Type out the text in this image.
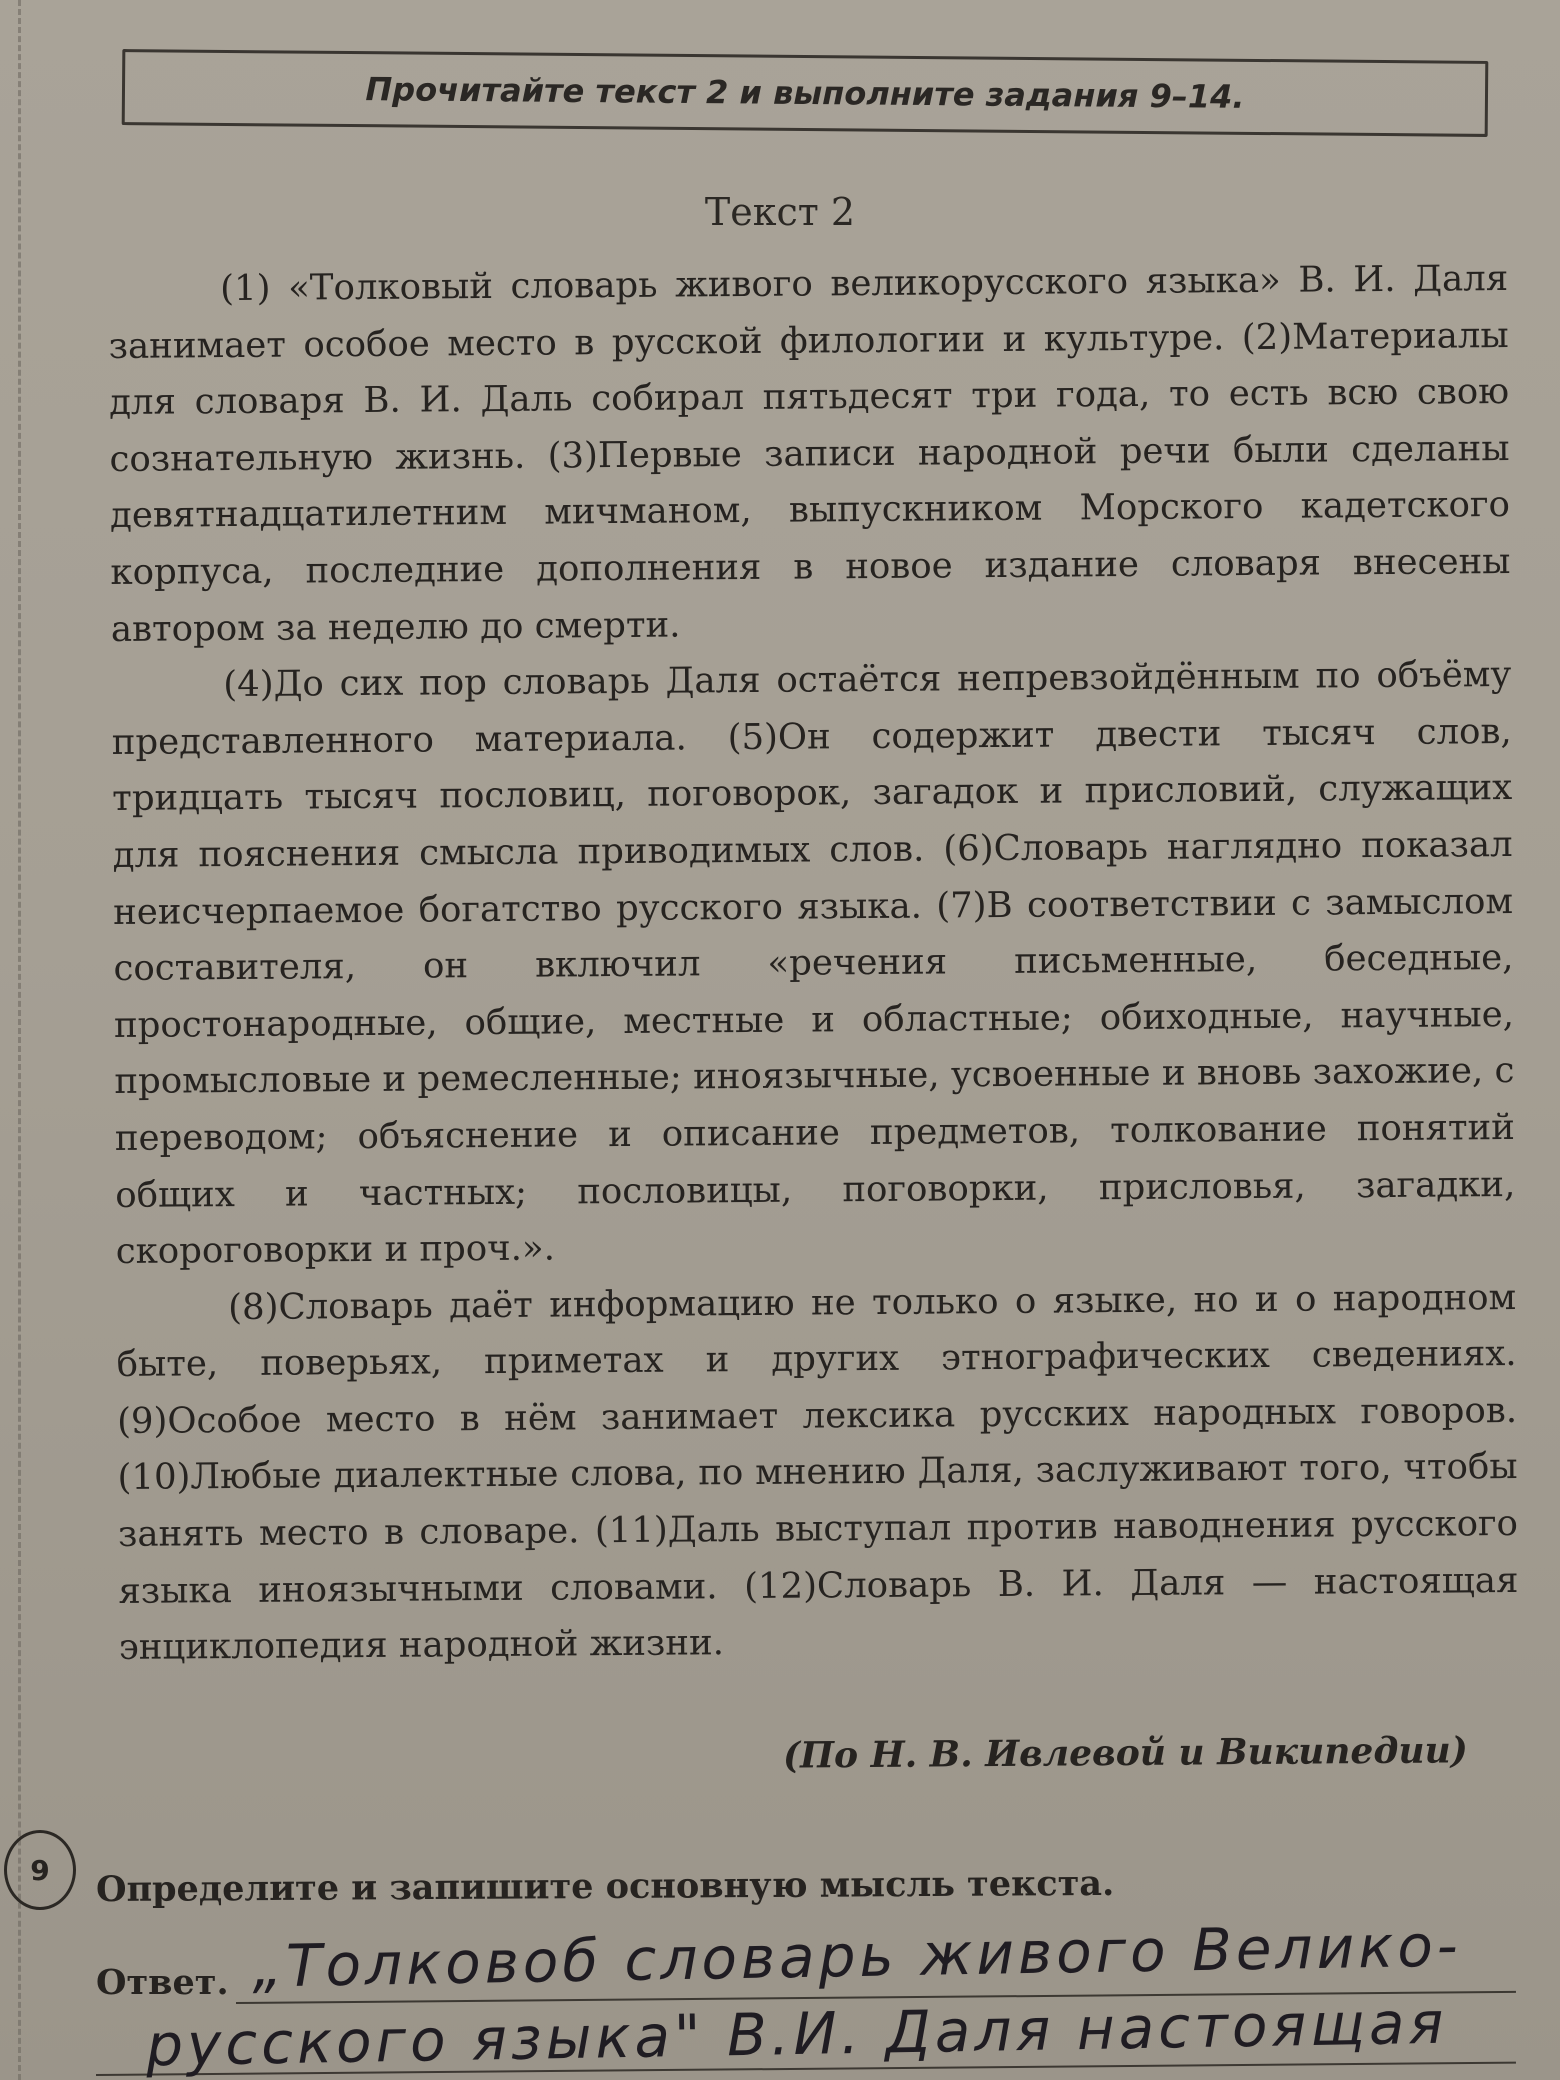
Прочитайте текст 2 и выполните задания 9–14.
Текст 2

(1) «Толковый словарь живого великорусского языка» В. И. Даля занимает особое место в русской филологии и культуре. (2)Материалы для словаря В. И. Даль собирал пятьдесят три года, то есть всю свою сознательную жизнь. (3)Первые записи народной речи были сделаны девятнадцатилетним мичманом, выпускником Морского кадетского корпуса, последние дополнения в новое издание словаря внесены автором за неделю до смерти.

(4)До сих пор словарь Даля остаётся непревзойдённым по объёму представленного материала. (5)Он содержит двести тысяч слов, тридцать тысяч пословиц, поговорок, загадок и присловий, служащих для пояснения смысла приводимых слов. (6)Словарь наглядно показал неисчерпаемое богатство русского языка. (7)В соответствии с замыслом составителя, он включил «речения письменные, беседные, простонародные, общие, местные и областные; обиходные, научные, промысловые и ремесленные; иноязычные, усвоенные и вновь захожие, с переводом; объяснение и описание предметов, толкование понятий общих и частных; пословицы, поговорки, присловья, загадки, скороговорки и проч.».

(8)Словарь даёт информацию не только о языке, но и о народном быте, поверьях, приметах и других этнографических сведениях. (9)Особое место в нём занимает лексика русских народных говоров. (10)Любые диалектные слова, по мнению Даля, заслуживают того, чтобы занять место в словаре. (11)Даль выступал против наводнения русского языка иноязычными словами. (12)Словарь В. И. Даля — настоящая энциклопедия народной жизни.

(По Н. В. Ивлевой и Википедии)
9	Определите и запишите основную мысль текста.
Ответ. „Толковоб словарь живого Велико-
русского языка" В.И. Даля настоящая
